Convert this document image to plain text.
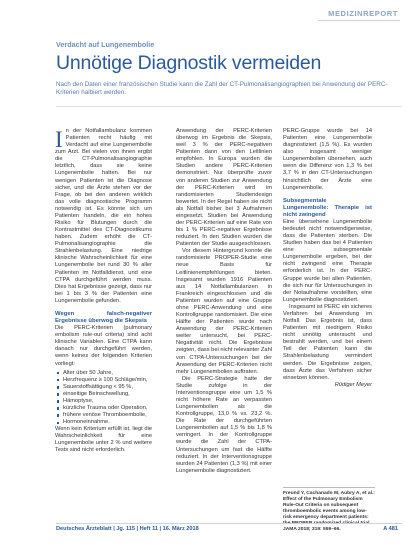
MEDIZINREPORT
Verdacht auf Lungenembolie
Unnötige Diagnostik vermeiden
Nach den Daten einer französischen Studie kann die Zahl der CT-Pulmonalisangiographien bei Anwendung der PERC-Kriterien halbiert werden.

In der Notfallambulanz kommen Patienten recht häufig mit Verdacht auf eine Lungenembolie zum Arzt. Bei vielen von ihnen ergibt die CT-Pulmonalisangiographie letztlich, dass sie keine Lungenembolie hatten. Bei nur wenigen Patienten ist die Diagnose sicher, und die Ärzte stehen vor der Frage, ob bei den anderen wirklich das volle diagnostische Programm notwendig ist. Es könnte sich um Patienten handeln, die ein hohes Risiko für Blutungen durch die Kontrastmittel des CT-Diagnostikums haben. Zudem erhöht die CT-Pulmonalisangiographie die Strahlenbelastung. Eine niedrige klinische Wahrscheinlichkeit für eine Lungenembolie bei rund 30 % aller Patienten im Notfalldienst, und eine CTPA durchgeführt werden muss. Dies hat Ergebnisse gezeigt, dass nur bei 1 bis 3 % der Patienten eine Lungenembolie gefunden.

Wegen falsch-negativer Ergebnisse überwog die Skepsis

Die PERC-Kriterien (pulmonary embolism rule-out criteria) sind acht klinische Variablen. Eine CTPA kann danach nur durchgeführt werden, wenn keines der folgenden Kriterien vorliegt:

Alter über 50 Jahre,
Herzfrequenz ≥ 100 Schläge/min,
Sauerstoffsättigung < 95 %,
einseitige Beinschwellung,
Hämoptyse,
kürzliche Trauma oder Operation,
frühere venöse Thromboembolie,
Hormoneinnahme.

Wenn kein Kriterium erfüllt ist, liegt die Wahrscheinlichkeit für eine Lungenembolie unter 2 % und weitere Tests sind nicht erforderlich.

Anwendung der PERC-Kriterien überwog im Ergebnis die Skepsis, weil 3 % der PERC-negativen Patienten dann von den Leitlinien empfohlen. In Europa wurden die Studien andere PERC-Kriterien demonstriert. Nur überprüfte zuvor von anderen Studien zur Anwendung der PERC-Kriterien wird im randomisierten Studiendesign bewertet. In der Regel haben sie nicht als Notfall bisher bei 3 Aufnahmen eingesetzt. Studien bei Anwendung der PERC-Kriterien auf eine Rate von bis 1 % PERC-negativer Ergebnisse reduziert. In den Studien wurden die Patienten der Studie ausgeschlossen.

Vor diesem Hintergrund konnte die randomisierte PROPER-Studie eine neue Basis für Leitlinienempfehlungen bieten. Insgesamt wurden 1916 Patienten aus 14 Notfallambulanzen in Frankreich eingeschlossen und die Patienten wurden auf eine Gruppe ohne PERC-Anwendung und eine Kontrollgruppe randomisiert. Die eine Hälfte der Patienten wurde nach Anwendung der PERC-Kriterien weiter untersucht, bei PERC-Negativität nicht. Die Ergebnisse zeigten, dass bei nicht relevanter Zahl von CTPA-Untersuchungen bei der Anwendung der PERC-Kriterien nicht mehr Lungenembolien auftraten.

Die PERC-Strategie hatte der Studie zufolge in der Interventionsgruppe eine um 1,5 % nicht höhere Rate an verpassten Lungenembolien als die Kontrollgruppe, 13,0 % vs. 23,2 %. Die Rate der durchgeführten Lungenembolien auf 1,5 % bis 1,8 % verringert. In der Kontrollgruppe wurde die Zahl der CTPA-Untersuchungen um fast die Hälfte reduziert. In der Interventionsgruppe wurden 24 Patienten (1,3 %) mit einer Lungenembolie diagnostiziert.

PERC-Gruppe wurde bei 14 Patienten eine Lungenembolie diagnostiziert (1,5 %). Es wurden also insgesamt weniger Lungenembolien übersehen, auch wenn die Differenz von 1,3 % bei 3,7 % in den CT-Untersuchungen hinsichtlich der Ärzte eine Lungenembolie.

Subsegmentale Lungenembolie: Therapie ist nicht zwingend

Eine übersehene Lungenembolie bedeutet nicht notwendigerweise, dass die Patienten sterben. Die Studien haben das bei 4 Patienten eine subsegmentale Lungenembolie ergeben, bei der nicht zwingend eine Therapie erforderlich ist. In der PERC-Gruppe wurde bei allen Patienten, die sich nur für Untersuchungen in der Notaufnahme vorstellten, eine Lungenembolie diagnostiziert.

Insgesamt ist PERC ein sicheres Verfahren bei Anwendung im Notfall. Das Ergebnis ist, dass Patienten mit niedrigem Risiko nicht unnötig untersucht und bestrahlt werden, und bei einem Teil der Patienten kann die Strahlenbelastung vermindert werden. Die Ergebnisse zeigen, dass Ärzte das Verfahren sicher einsetzen können.

Rüdiger Meyer

Freund Y, Cachanado M, Aubry A, et al.: Effect of the Pulmonary Embolism Rule-Out Criteria on subsequent thromboembolic events among low-risk emergency department patients: JAMA 2018; 319: 559–66.
Deutsches Ärzteblatt | Jg. 115 | Heft 11 | 16. März 2018	A 481
